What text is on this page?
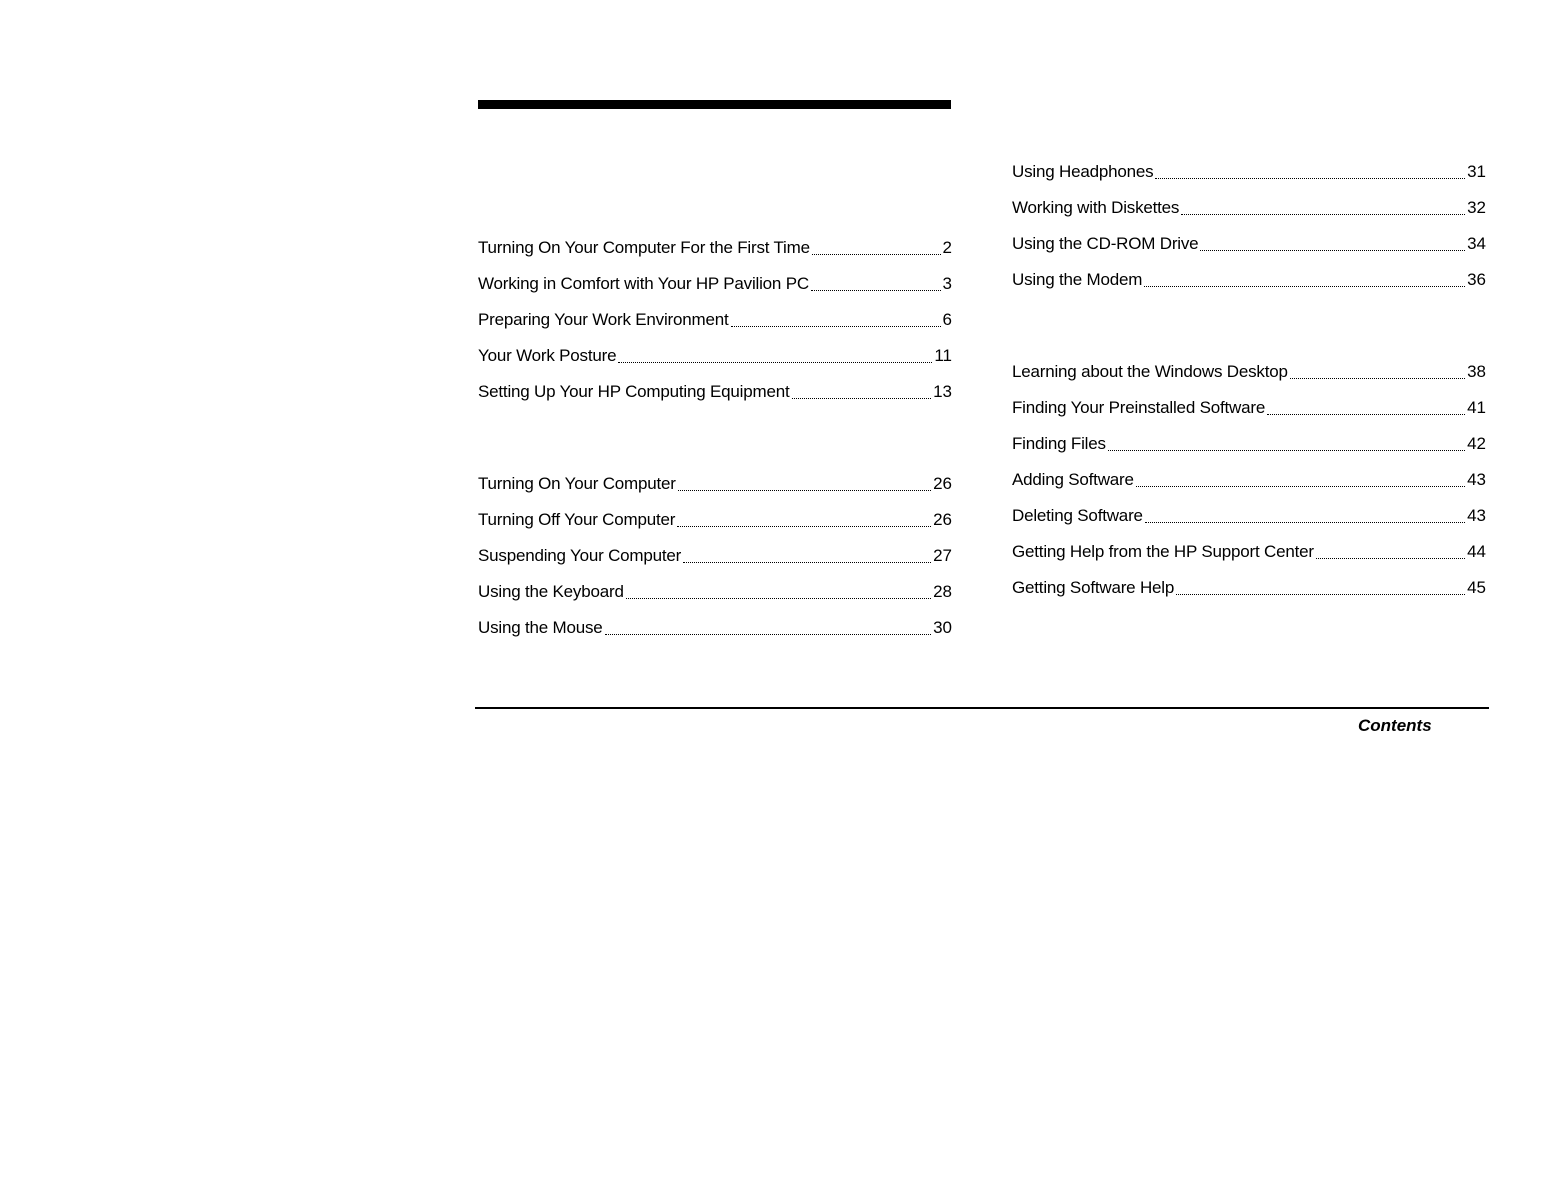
Turning On Your Computer For the First Time	2
Working in Comfort with Your HP Pavilion PC	3
Preparing Your Work Environment	6
Your Work Posture	11
Setting Up Your HP Computing Equipment	13
Turning On Your Computer	26
Turning Off Your Computer	26
Suspending Your Computer	27
Using the Keyboard	28
Using the Mouse	30
Using Headphones	31
Working with Diskettes	32
Using the CD-ROM Drive	34
Using the Modem	36
Learning about the Windows Desktop	38
Finding Your Preinstalled Software	41
Finding Files	42
Adding Software	43
Deleting Software	43
Getting Help from the HP Support Center	44
Getting Software Help	45
Contents
